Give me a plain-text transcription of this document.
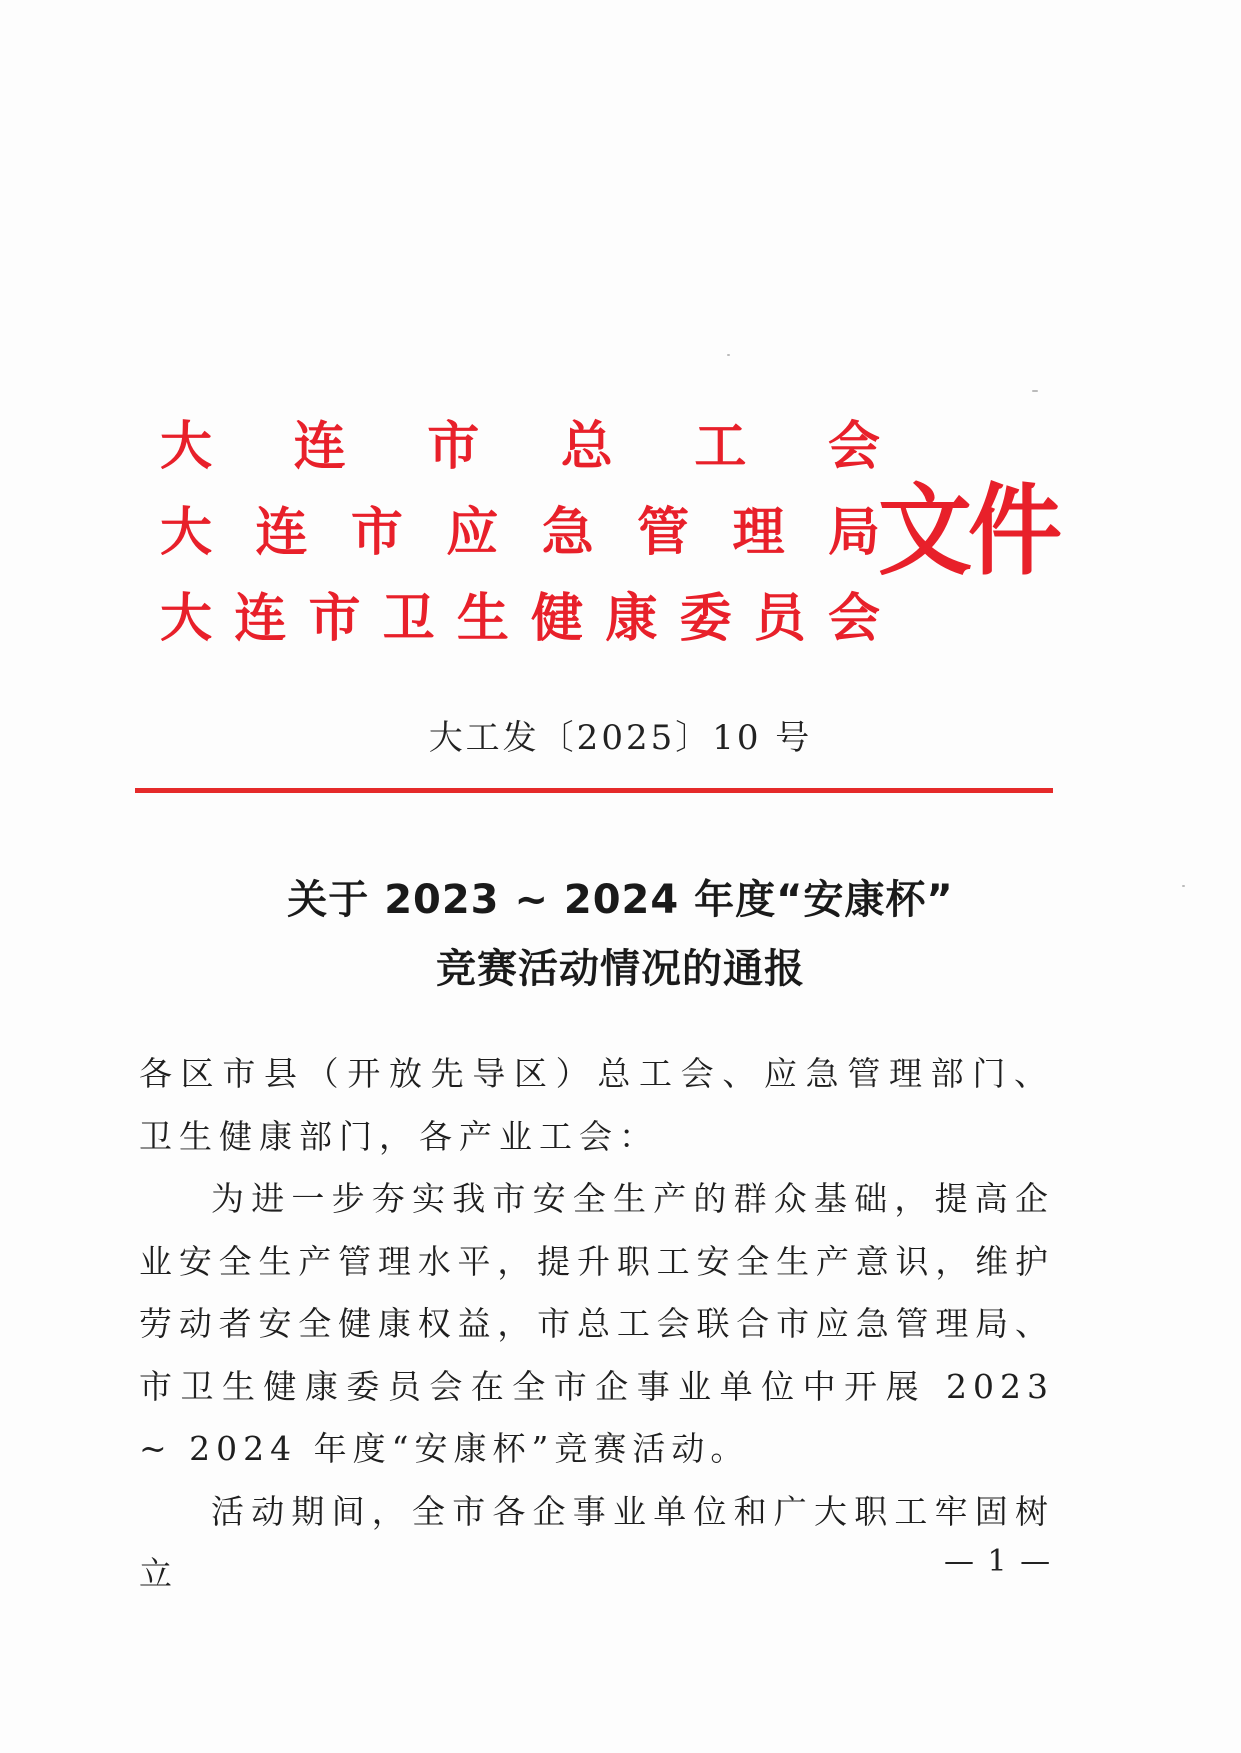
大 连 市 总 工 会
大 连 市 应 急 管 理 局
大 连 市 卫 生 健 康 委 员 会
文件
大工发〔2025〕10 号
关于 2023 ~ 2024 年度“安康杯”
竞赛活动情况的通报

各区市县（开放先导区）总工会、应急管理部门、卫生健康部门，各产业工会：

为进一步夯实我市安全生产的群众基础，提高企业安全生产管理水平，提升职工安全生产意识，维护劳动者安全健康权益，市总工会联合市应急管理局、市卫生健康委员会在全市企事业单位中开展 2023 ~ 2024 年度“安康杯”竞赛活动。

活动期间，全市各企事业单位和广大职工牢固树立	— 1 —
